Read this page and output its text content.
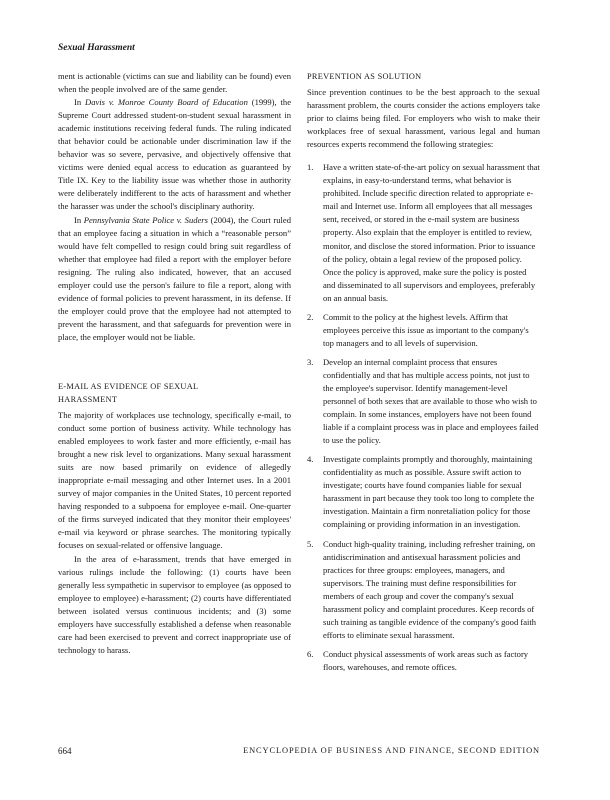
Sexual Harassment

ment is actionable (victims can sue and liability can be found) even when the people involved are of the same gender.

In Davis v. Monroe County Board of Education (1999), the Supreme Court addressed student-on-student sexual harassment in academic institutions receiving federal funds. The ruling indicated that behavior could be actionable under discrimination law if the behavior was so severe, pervasive, and objectively offensive that victims were denied equal access to education as guaranteed by Title IX. Key to the liability issue was whether those in authority were deliberately indifferent to the acts of harassment and whether the harasser was under the school's disciplinary authority.

In Pennsylvania State Police v. Suders (2004), the Court ruled that an employee facing a situation in which a “reasonable person” would have felt compelled to resign could bring suit regardless of whether that employee had filed a report with the employer before resigning. The ruling also indicated, however, that an accused employer could use the person's failure to file a report, along with evidence of formal policies to prevent harassment, in its defense. If the employer could prove that the employee had not attempted to prevent the harassment, and that safeguards for prevention were in place, the employer would not be liable.

E-MAIL AS EVIDENCE OF SEXUAL
HARASSMENT

The majority of workplaces use technology, specifically e-mail, to conduct some portion of business activity. While technology has enabled employees to work faster and more efficiently, e-mail has brought a new risk level to organizations. Many sexual harassment suits are now based primarily on evidence of allegedly inappropriate e-mail messaging and other Internet uses. In a 2001 survey of major companies in the United States, 10 percent reported having responded to a subpoena for employee e-mail. One-quarter of the firms surveyed indicated that they monitor their employees' e-mail via keyword or phrase searches. The monitoring typically focuses on sexual-related or offensive language.

In the area of e-harassment, trends that have emerged in various rulings include the following: (1) courts have been generally less sympathetic in supervisor to employee (as opposed to employee to employee) e-harassment; (2) courts have differentiated between isolated versus continuous incidents; and (3) some employers have successfully established a defense when reasonable care had been exercised to prevent and correct inappropriate use of technology to harass.

PREVENTION AS SOLUTION

Since prevention continues to be the best approach to the sexual harassment problem, the courts consider the actions employers take prior to claims being filed. For employers who wish to make their workplaces free of sexual harassment, various legal and human resources experts recommend the following strategies:

1. Have a written state-of-the-art policy on sexual harassment that explains, in easy-to-understand terms, what behavior is prohibited. Include specific direction related to appropriate e-mail and Internet use. Inform all employees that all messages sent, received, or stored in the e-mail system are business property. Also explain that the employer is entitled to review, monitor, and disclose the stored information. Prior to issuance of the policy, obtain a legal review of the proposed policy. Once the policy is approved, make sure the policy is posted and disseminated to all supervisors and employees, preferably on an annual basis.
2. Commit to the policy at the highest levels. Affirm that employees perceive this issue as important to the company's top managers and to all levels of supervision.
3. Develop an internal complaint process that ensures confidentially and that has multiple access points, not just to the employee's supervisor. Identify management-level personnel of both sexes that are available to those who wish to complain. In some instances, employers have not been found liable if a complaint process was in place and employees failed to use the policy.
4. Investigate complaints promptly and thoroughly, maintaining confidentiality as much as possible. Assure swift action to investigate; courts have found companies liable for sexual harassment in part because they took too long to complete the investigation. Maintain a firm nonretaliation policy for those complaining or providing information in an investigation.
5. Conduct high-quality training, including refresher training, on antidiscrimination and antisexual harassment policies and practices for three groups: employees, managers, and supervisors. The training must define responsibilities for members of each group and cover the company's sexual harassment policy and complaint procedures. Keep records of such training as tangible evidence of the company's good faith efforts to eliminate sexual harassment.
6. Conduct physical assessments of work areas such as factory floors, warehouses, and remote offices.
664	ENCYCLOPEDIA OF BUSINESS AND FINANCE, SECOND EDITION
